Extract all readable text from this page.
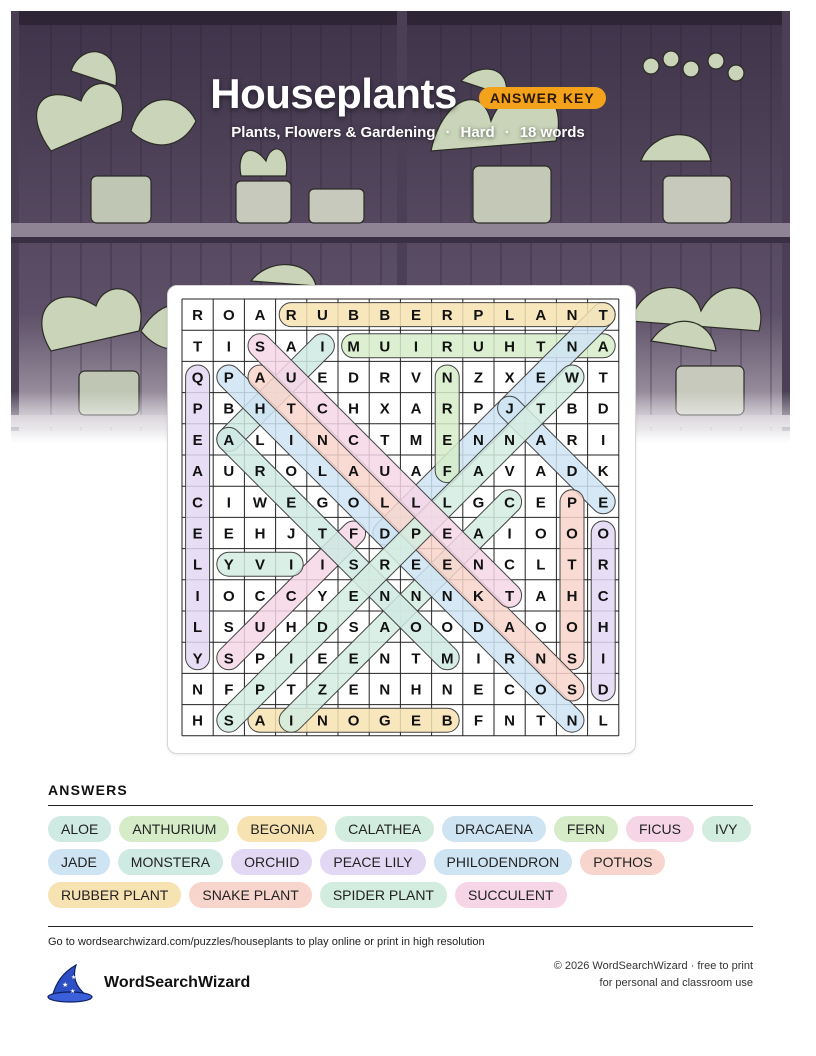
Houseplants	ANSWER KEY
Plants, Flowers & Gardening · Hard · 18 words
R O A R U B B E R P L A N T
T I S A I M U I R U H T N A
Q P A U E D R V N Z X E W T
P B H T C H X A R P J T B D
E A L I N C T M E N N A R I
A U R O L A U A F A V A D K
C I W E G O L L L G C E P E
E E H J T F D P E A I O O O
L Y V I I S R E E N C L T R
I O C C Y E N N N K T A H C
L S U H D S A O O D A O O H
Y S P I E E N T M I R N S I
N F P T Z E N H N E C O S D
H S A I N O G E B F N T N L
ANSWERS
ALOE	ANTHURIUM	BEGONIA	CALATHEA	DRACAENA	FERN	FICUS	IVY
JADE	MONSTERA	ORCHID	PEACE LILY	PHILODENDRON	POTHOS
RUBBER PLANT	SNAKE PLANT	SPIDER PLANT	SUCCULENT
Go to wordsearchwizard.com/puzzles/houseplants to play online or print in high resolution
★
★
★ WordSearchWizard
© 2026 WordSearchWizard · free to print for personal and classroom use
